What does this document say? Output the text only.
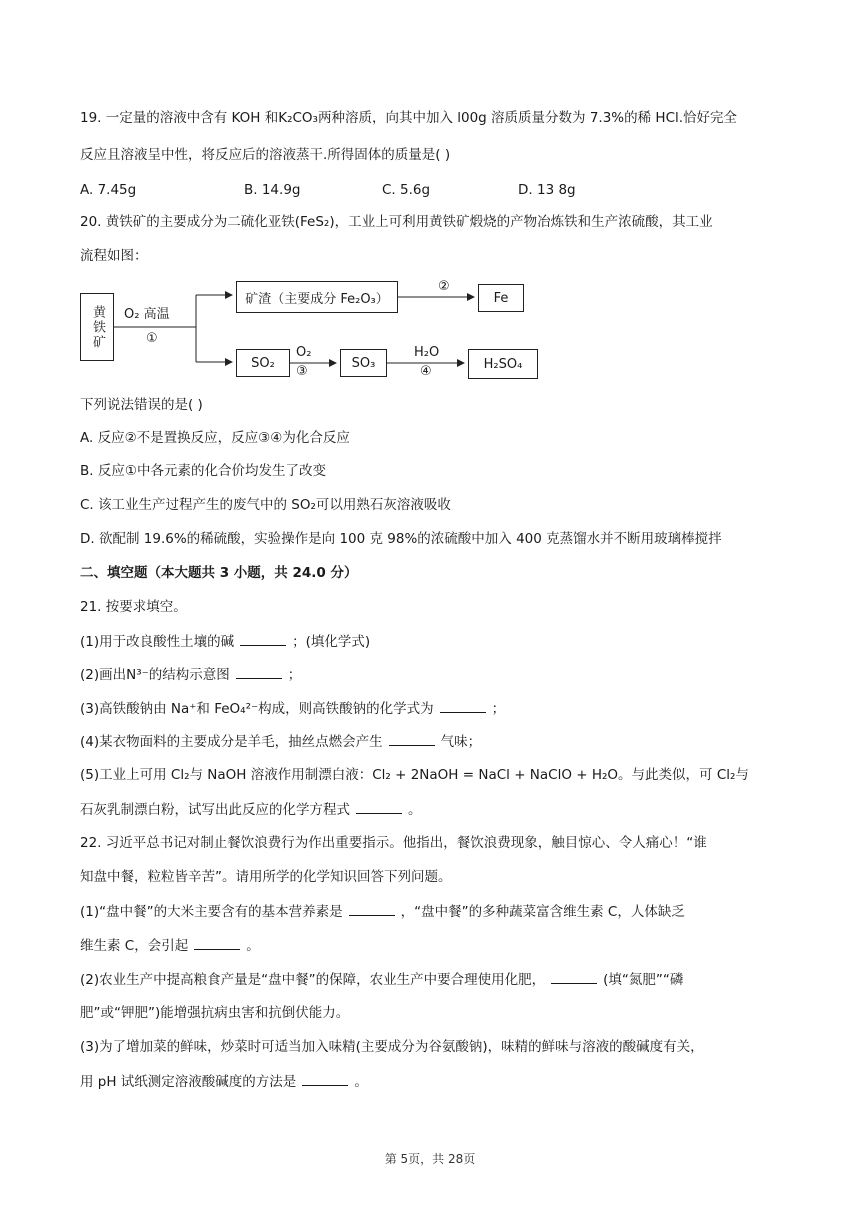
19. 一定量的溶液中含有 KOH 和K₂CO₃两种溶质，向其中加入 l00g 溶质质量分数为 7.3%的稀 HCl.恰好完全
反应且溶液呈中性，将反应后的溶液蒸干.所得固体的质量是( )
A. 7.45g	B. 14.9g	C. 5.6g	D. 13 8g
20. 黄铁矿的主要成分为二硫化亚铁(FeS₂)，工业上可利用黄铁矿煅烧的产物冶炼铁和生产浓硫酸，其工业
流程如图：
黄铁矿 O₂ 高温
①
矿渣（主要成分 Fe₂O₃）
②
Fe
SO₂
O₂
③
SO₃
H₂O
④	H₂SO₄
下列说法错误的是( )
A. 反应②不是置换反应，反应③④为化合反应
B. 反应①中各元素的化合价均发生了改变
C. 该工业生产过程产生的废气中的 SO₂可以用熟石灰溶液吸收
D. 欲配制 19.6%的稀硫酸，实验操作是向 100 克 98%的浓硫酸中加入 400 克蒸馏水并不断用玻璃棒搅拌
二、填空题（本大题共 3 小题，共 24.0 分）
21. 按要求填空。
(1)用于改良酸性土壤的碱	；(填化学式)
(2)画出N³⁻的结构示意图	；
(3)高铁酸钠由 Na⁺和 FeO₄²⁻构成，则高铁酸钠的化学式为	；
(4)某衣物面料的主要成分是羊毛，抽丝点燃会产生	气味；
(5)工业上可用 Cl₂与 NaOH 溶液作用制漂白液：Cl₂ + 2NaOH = NaCl + NaClO + H₂O。与此类似，可 Cl₂与
石灰乳制漂白粉，试写出此反应的化学方程式	。
22. 习近平总书记对制止餐饮浪费行为作出重要指示。他指出，餐饮浪费现象，触目惊心、令人痛心！“谁
知盘中餐，粒粒皆辛苦”。请用所学的化学知识回答下列问题。
(1)“盘中餐”的大米主要含有的基本营养素是	，“盘中餐”的多种蔬菜富含维生素 C，人体缺乏
维生素 C，会引起	。
(2)农业生产中提高粮食产量是“盘中餐”的保障，农业生产中要合理使用化肥，	(填“氮肥”“磷
肥”或“钾肥”)能增强抗病虫害和抗倒伏能力。
(3)为了增加菜的鲜味，炒菜时可适当加入味精(主要成分为谷氨酸钠)，味精的鲜味与溶液的酸碱度有关，
用 pH 试纸测定溶液酸碱度的方法是	。
第 5页，共 28页
